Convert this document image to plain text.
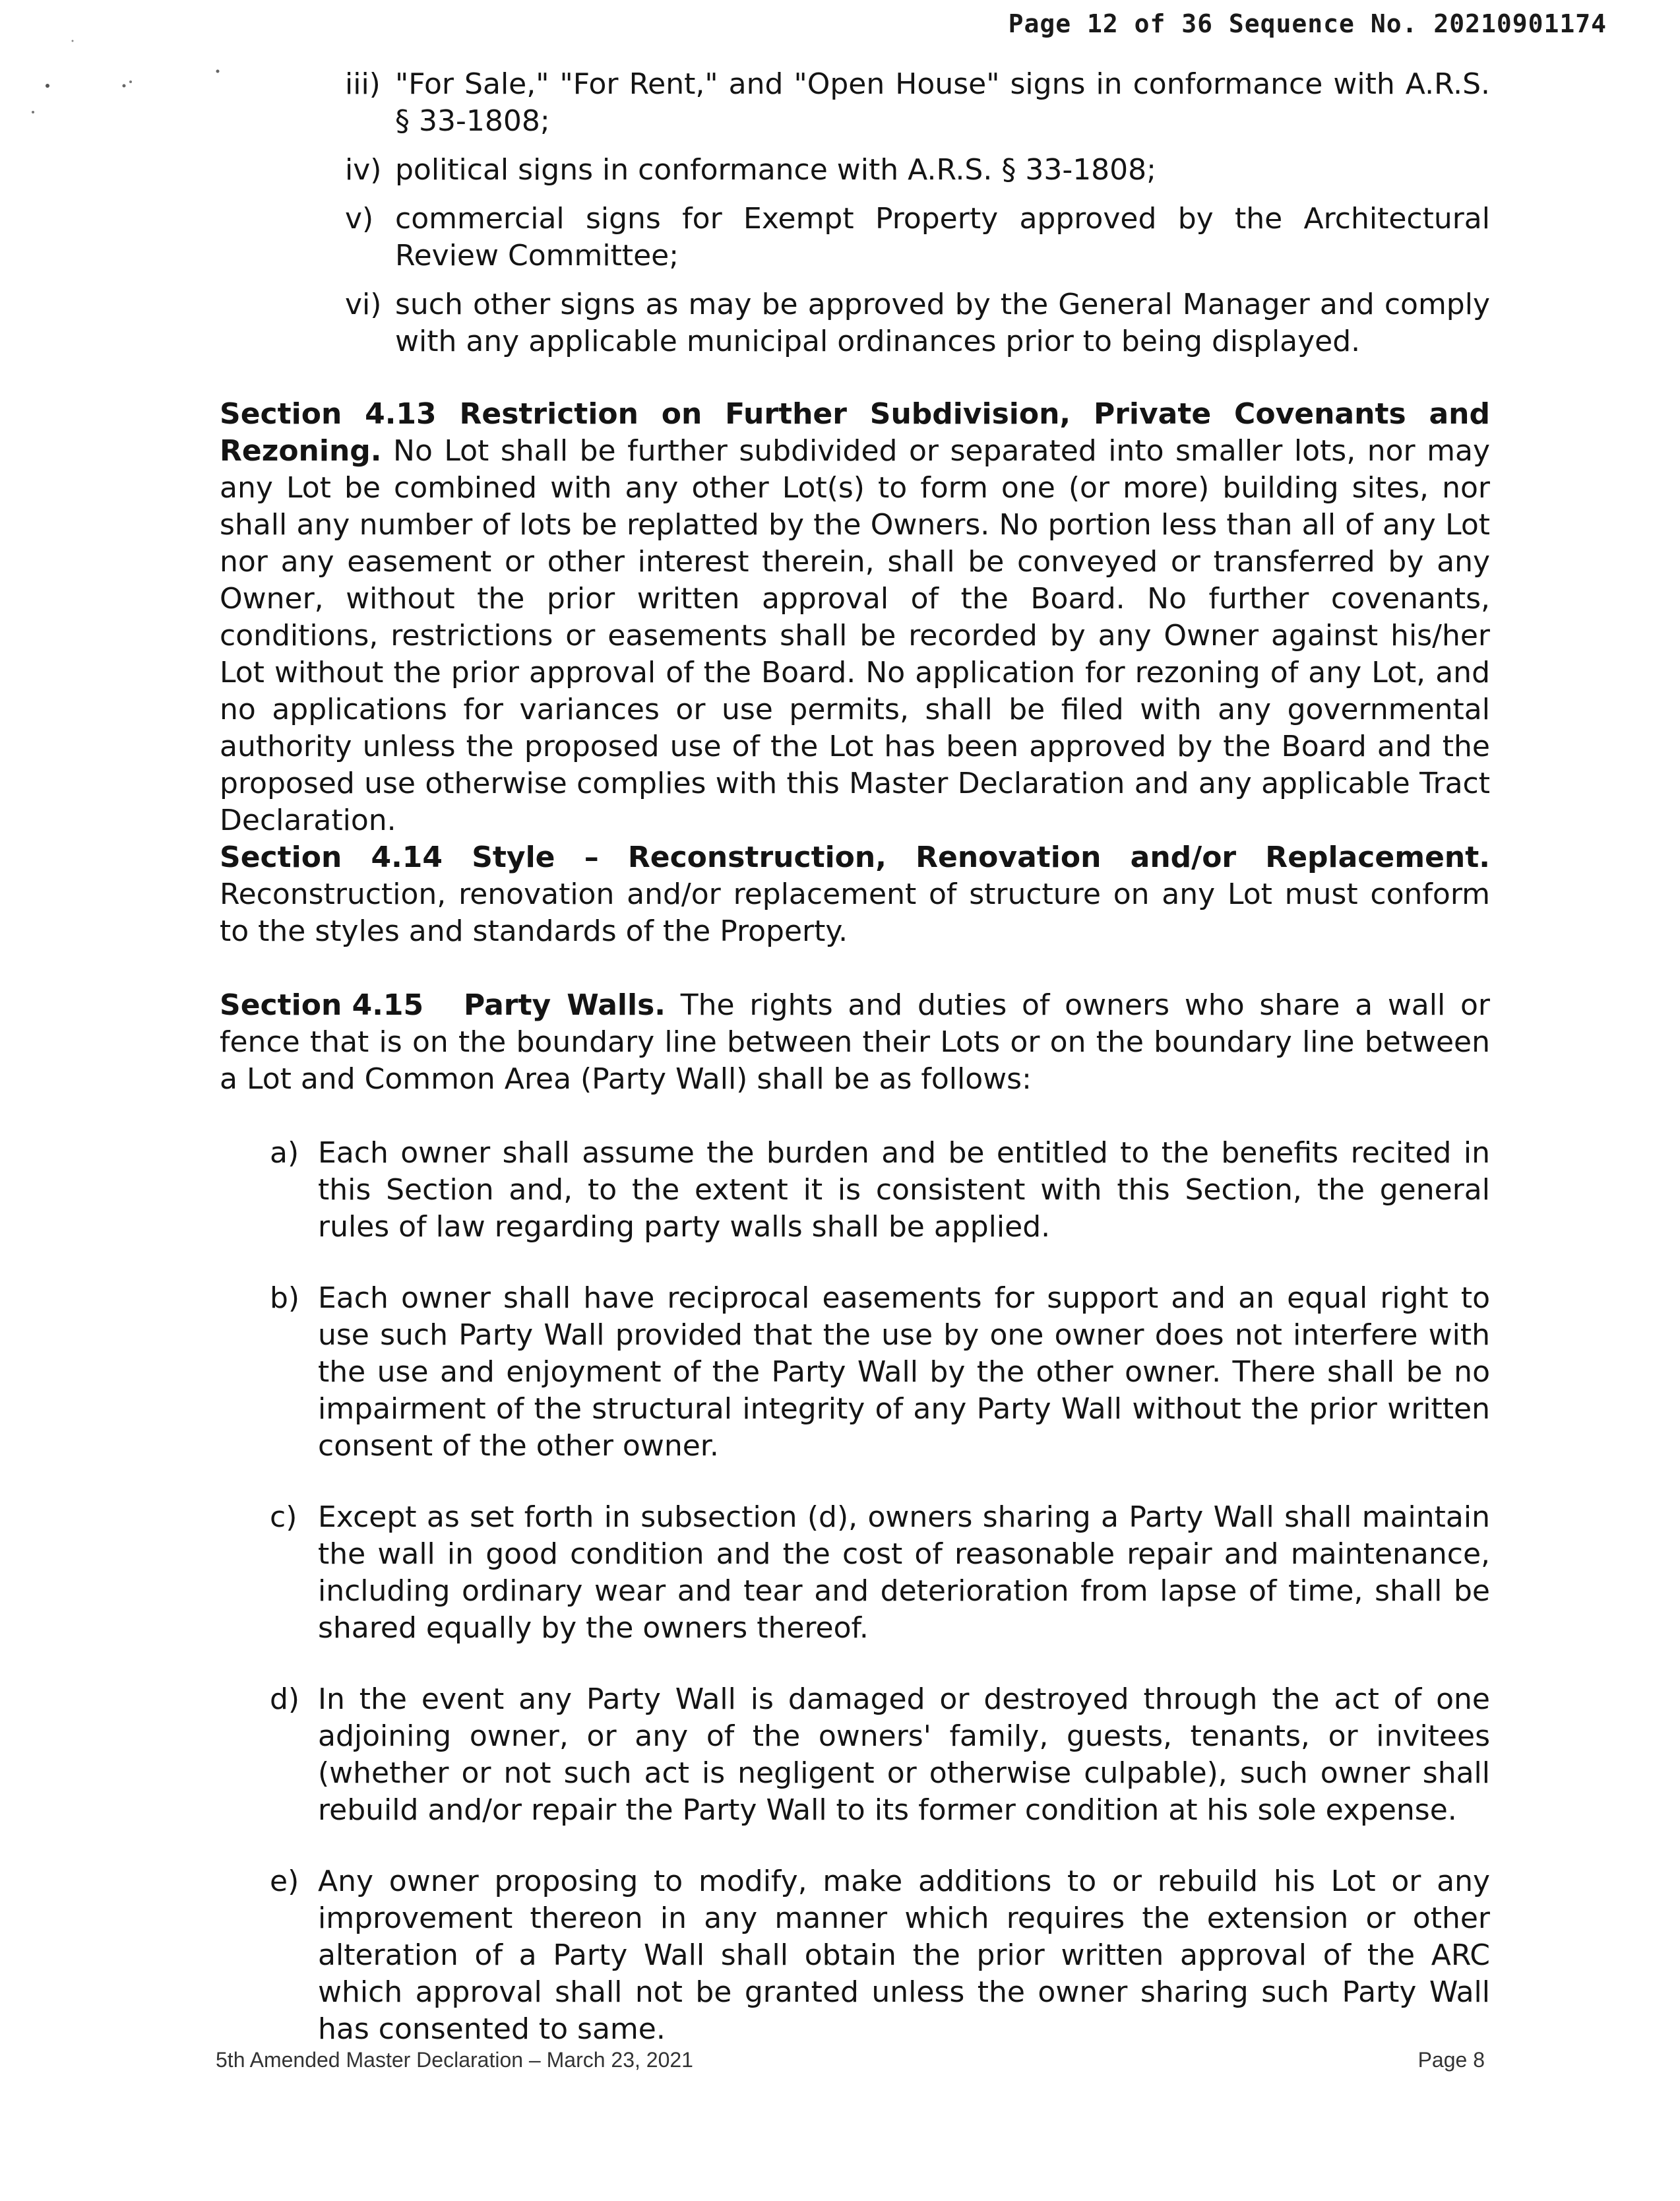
Page 12 of 36 Sequence No. 20210901174
iii) "For Sale," "For Rent," and "Open House" signs in conformance with A.R.S. § 33-1808;
iv) political signs in conformance with A.R.S. § 33-1808;
v) commercial signs for Exempt Property approved by the Architectural Review Committee;
vi) such other signs as may be approved by the General Manager and comply with any applicable municipal ordinances prior to being displayed.
Section 4.13 Restriction on Further Subdivision, Private Covenants and Rezoning. No Lot shall be further subdivided or separated into smaller lots, nor may any Lot be combined with any other Lot(s) to form one (or more) building sites, nor shall any number of lots be replatted by the Owners. No portion less than all of any Lot nor any easement or other interest therein, shall be conveyed or transferred by any Owner, without the prior written approval of the Board. No further covenants, conditions, restrictions or easements shall be recorded by any Owner against his/her Lot without the prior approval of the Board. No application for rezoning of any Lot, and no applications for variances or use permits, shall be filed with any governmental authority unless the proposed use of the Lot has been approved by the Board and the proposed use otherwise complies with this Master Declaration and any applicable Tract Declaration.
Section 4.14 Style – Reconstruction, Renovation and/or Replacement.
Reconstruction, renovation and/or replacement of structure on any Lot must conform to the styles and standards of the Property.
Section 4.15 Party Walls. The rights and duties of owners who share a wall or fence that is on the boundary line between their Lots or on the boundary line between a Lot and Common Area (Party Wall) shall be as follows:
a) Each owner shall assume the burden and be entitled to the benefits recited in this Section and, to the extent it is consistent with this Section, the general rules of law regarding party walls shall be applied.
b) Each owner shall have reciprocal easements for support and an equal right to use such Party Wall provided that the use by one owner does not interfere with the use and enjoyment of the Party Wall by the other owner. There shall be no impairment of the structural integrity of any Party Wall without the prior written consent of the other owner.
c) Except as set forth in subsection (d), owners sharing a Party Wall shall maintain the wall in good condition and the cost of reasonable repair and maintenance, including ordinary wear and tear and deterioration from lapse of time, shall be shared equally by the owners thereof.
d) In the event any Party Wall is damaged or destroyed through the act of one adjoining owner, or any of the owners' family, guests, tenants, or invitees (whether or not such act is negligent or otherwise culpable), such owner shall rebuild and/or repair the Party Wall to its former condition at his sole expense.
e) Any owner proposing to modify, make additions to or rebuild his Lot or any improvement thereon in any manner which requires the extension or other alteration of a Party Wall shall obtain the prior written approval of the ARC which approval shall not be granted unless the owner sharing such Party Wall has consented to same.
5th Amended Master Declaration – March 23, 2021	Page 8
